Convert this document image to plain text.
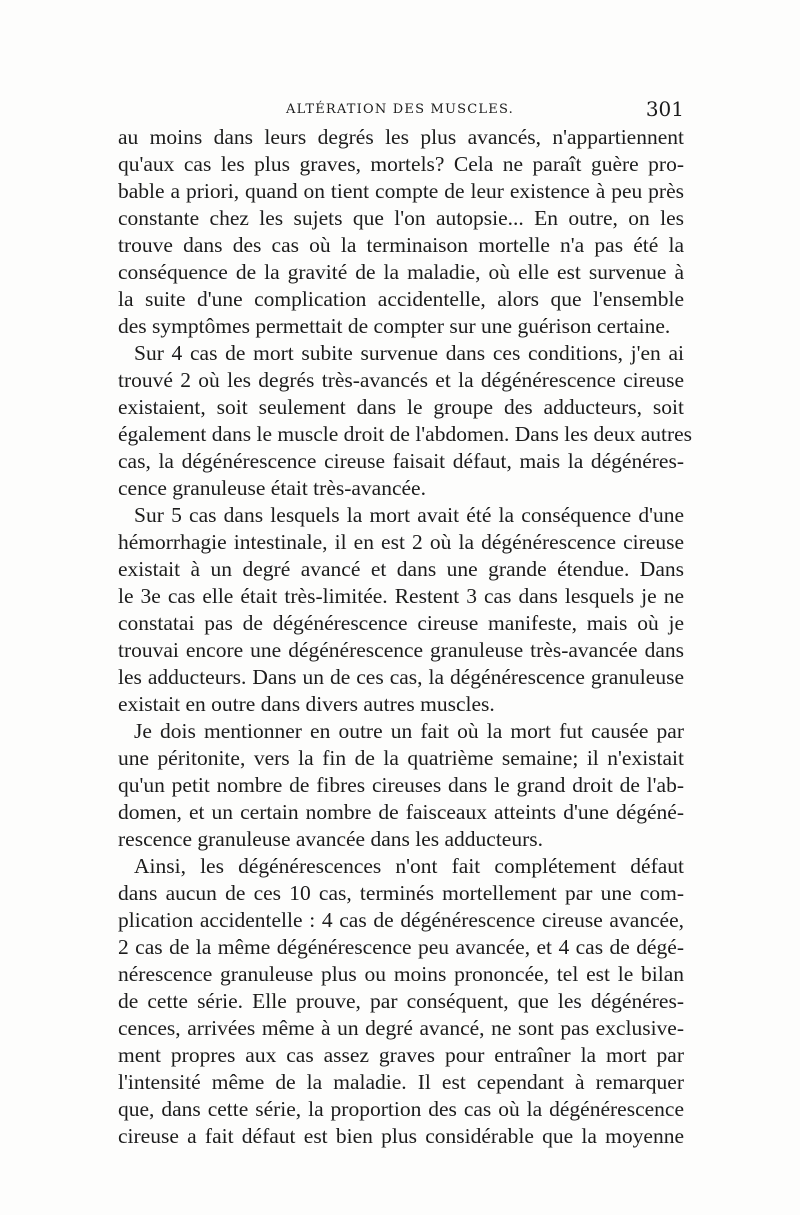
ALTÉRATION DES MUSCLES.	301
au moins dans leurs degrés les plus avancés, n'appartiennent
qu'aux cas les plus graves, mortels? Cela ne paraît guère pro-
bable a priori, quand on tient compte de leur existence à peu près
constante chez les sujets que l'on autopsie... En outre, on les
trouve dans des cas où la terminaison mortelle n'a pas été la
conséquence de la gravité de la maladie, où elle est survenue à
la suite d'une complication accidentelle, alors que l'ensemble
des symptômes permettait de compter sur une guérison certaine.
Sur 4 cas de mort subite survenue dans ces conditions, j'en ai
trouvé 2 où les degrés très-avancés et la dégénérescence cireuse
existaient, soit seulement dans le groupe des adducteurs, soit
également dans le muscle droit de l'abdomen. Dans les deux autres
cas, la dégénérescence cireuse faisait défaut, mais la dégénéres-
cence granuleuse était très-avancée.
Sur 5 cas dans lesquels la mort avait été la conséquence d'une
hémorrhagie intestinale, il en est 2 où la dégénérescence cireuse
existait à un degré avancé et dans une grande étendue. Dans
le 3e cas elle était très-limitée. Restent 3 cas dans lesquels je ne
constatai pas de dégénérescence cireuse manifeste, mais où je
trouvai encore une dégénérescence granuleuse très-avancée dans
les adducteurs. Dans un de ces cas, la dégénérescence granuleuse
existait en outre dans divers autres muscles.
Je dois mentionner en outre un fait où la mort fut causée par
une péritonite, vers la fin de la quatrième semaine; il n'existait
qu'un petit nombre de fibres cireuses dans le grand droit de l'ab-
domen, et un certain nombre de faisceaux atteints d'une dégéné-
rescence granuleuse avancée dans les adducteurs.
Ainsi, les dégénérescences n'ont fait complétement défaut
dans aucun de ces 10 cas, terminés mortellement par une com-
plication accidentelle : 4 cas de dégénérescence cireuse avancée,
2 cas de la même dégénérescence peu avancée, et 4 cas de dégé-
nérescence granuleuse plus ou moins prononcée, tel est le bilan
de cette série. Elle prouve, par conséquent, que les dégénéres-
cences, arrivées même à un degré avancé, ne sont pas exclusive-
ment propres aux cas assez graves pour entraîner la mort par
l'intensité même de la maladie. Il est cependant à remarquer
que, dans cette série, la proportion des cas où la dégénérescence
cireuse a fait défaut est bien plus considérable que la moyenne
